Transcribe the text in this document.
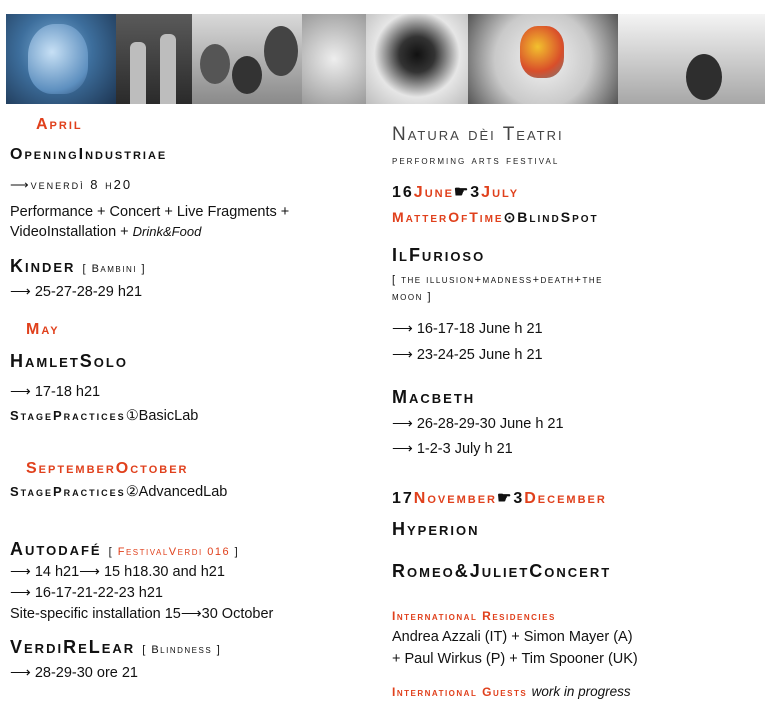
April
OpeningIndustriae
⟶venerdì 8 h20
Performance + Concert + Live Fragments +
VideoInstallation + Drink&Food
Kinder [ Bambini ]
⟶ 25-27-28-29 h21
May
HamletSolo
⟶ 17-18 h21
StagePractices①BasicLab
SeptemberOctober
StagePractices②AdvancedLab
Autodafé [ FestivalVerdi 016 ]
⟶ 14 h21⟶ 15 h18.30 and h21
⟶ 16-17-21-22-23 h21
Site-specific installation 15⟶30 October
VerdiReLear [ Blindness ]
⟶ 28-29-30 ore 21
Natura dèi Teatri
performing arts festival
16June☛3July
MatterOfTime⊙BlindSpot
IlFurioso
[ the illusion+madness+death+the
moon ]
⟶ 16-17-18 June h 21
⟶ 23-24-25 June h 21
Macbeth
⟶ 26-28-29-30 June h 21
⟶ 1-2-3 July h 21
17November☛3December
Hyperion
Romeo&JulietConcert
International Residencies
Andrea Azzali (IT) + Simon Mayer (A)
+ Paul Wirkus (P) + Tim Spooner (UK)
International Guests work in progress
